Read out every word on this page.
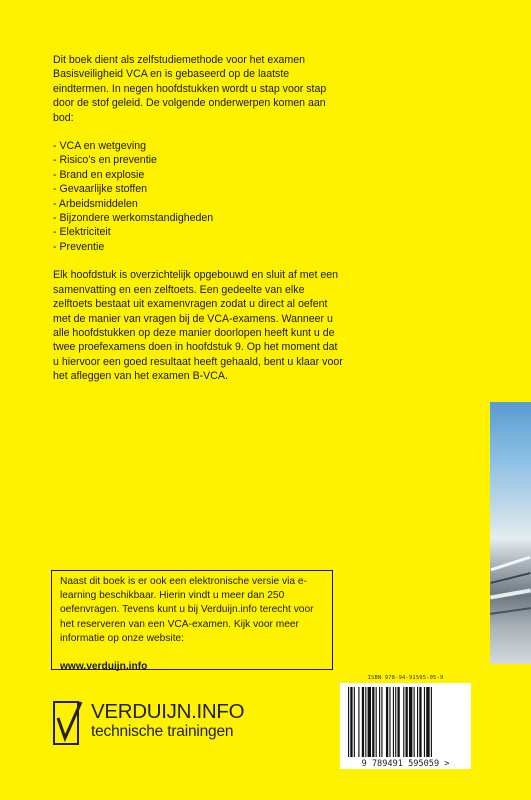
Dit boek dient als zelfstudiemethode voor het examen Basisveiligheid VCA en is gebaseerd op de laatste eindtermen. In negen hoofdstukken wordt u stap voor stap door de stof geleid. De volgende onderwerpen komen aan bod:

- VCA en wetgeving
- Risico's en preventie
- Brand en explosie
- Gevaarlijke stoffen
- Arbeidsmiddelen
- Bijzondere werkomstandigheden
- Elektriciteit
- Preventie

Elk hoofdstuk is overzichtelijk opgebouwd en sluit af met een samenvatting en een zelftoets. Een gedeelte van elke zelftoets bestaat uit examenvragen zodat u direct al oefent met de manier van vragen bij de VCA-examens. Wanneer u alle hoofdstukken op deze manier doorlopen heeft kunt u de twee proefexamens doen in hoofdstuk 9. Op het moment dat u hiervoor een goed resultaat heeft gehaald, bent u klaar voor het afleggen van het examen B-VCA.

Naast dit boek is er ook een elektronische versie via e-learning beschikbaar. Hierin vindt u meer dan 250 oefenvragen. Tevens kunt u bij Verduijn.info terecht voor het reserveren van een VCA-examen. Kijk voor meer informatie op onze website:
www.verduijn.info
VERDUIJN.INFO
technische trainingen
ISBN 978-94-91595-05-9
9 789491 595059 >
